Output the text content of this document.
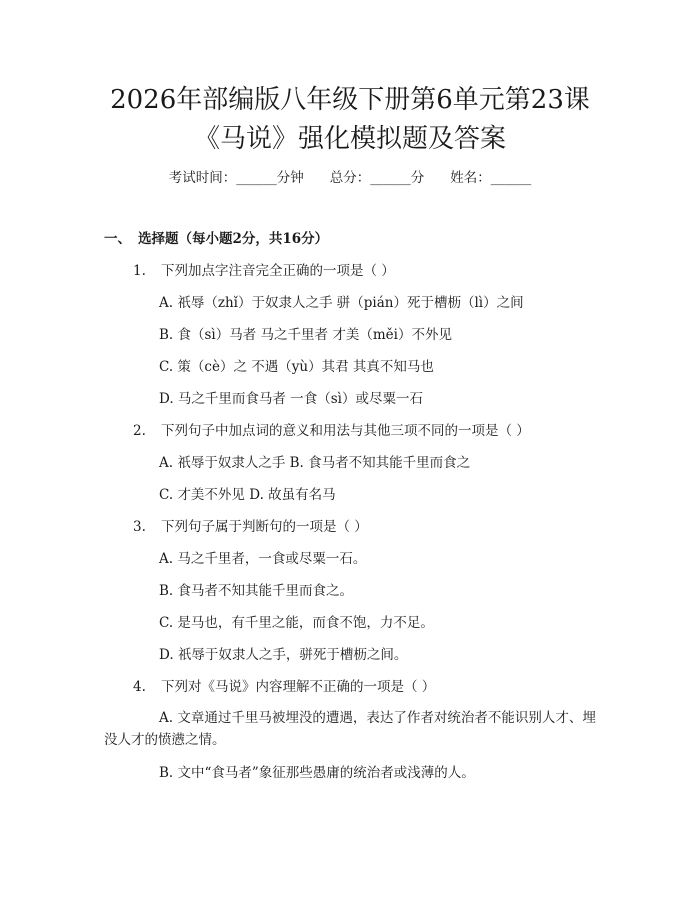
2026年部编版八年级下册第6单元第23课
《马说》强化模拟题及答案
考试时间：______分钟 总分：______分 姓名：______
一、 选择题（每小题2分，共16分）
1. 下列加点字注音完全正确的一项是（ ）
A. 祇辱（zhǐ）于奴隶人之手 骈（pián）死于槽枥（lì）之间
B. 食（sì）马者 马之千里者 才美（měi）不外见
C. 策（cè）之 不遇（yù）其君 其真不知马也
D. 马之千里而食马者 一食（sì）或尽粟一石
2. 下列句子中加点词的意义和用法与其他三项不同的一项是（ ）
A. 祇辱于奴隶人之手 B. 食马者不知其能千里而食之
C. 才美不外见 D. 故虽有名马
3. 下列句子属于判断句的一项是（ ）
A. 马之千里者，一食或尽粟一石。
B. 食马者不知其能千里而食之。
C. 是马也，有千里之能，而食不饱，力不足。
D. 祇辱于奴隶人之手，骈死于槽枥之间。
4. 下列对《马说》内容理解不正确的一项是（ ）
A. 文章通过千里马被埋没的遭遇，表达了作者对统治者不能识别人才、埋没人才的愤懑之情。
B. 文中“食马者”象征那些愚庸的统治者或浅薄的人。
